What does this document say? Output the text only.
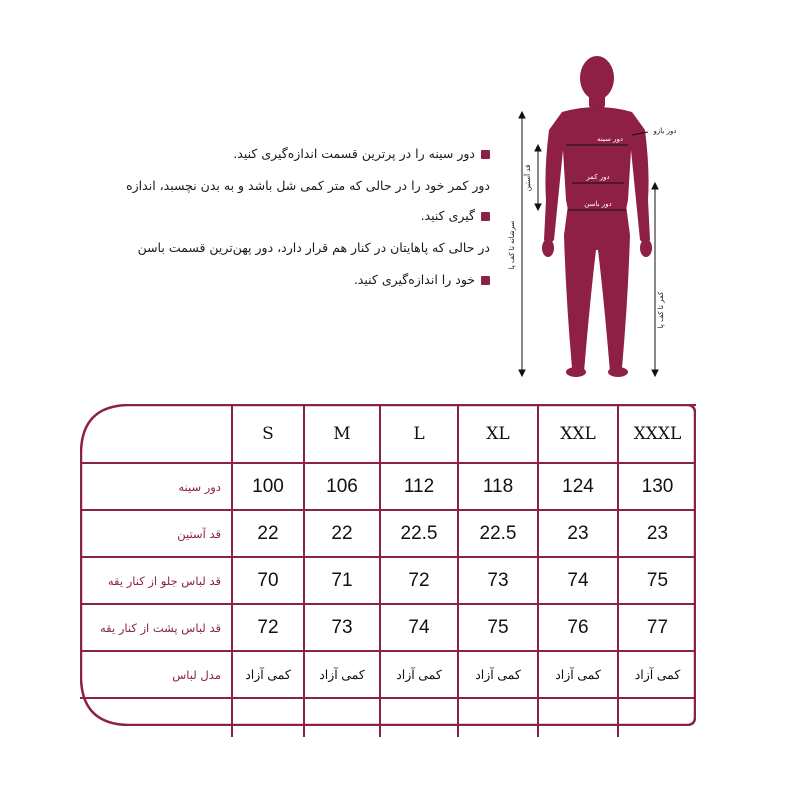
دور سینه را در پرترین قسمت اندازه‌گیری کنید.
دور کمر خود را در حالی که متر کمی شل باشد و به بدن نچسبد، اندازه
گیری کنید.
در حالی که پاهایتان در کنار هم قرار دارد، دور پهن‌ترین قسمت باسن
خود را اندازه‌گیری کنید.
دور سینه
دور کمر
دور باسن
دور بازو
سرشانه تا کف پا
قد آستین
کمر تا کف پا
	S	M	L	XL	XXL	XXXL
دور سینه	100	106	112	118	124	130
قد آستین	22	22	22.5	22.5	23	23
قد لباس جلو از کنار یقه	70	71	72	73	74	75
قد لباس پشت از کنار یقه	72	73	74	75	76	77
مدل لباس	کمی آزاد	کمی آزاد	کمی آزاد	کمی آزاد	کمی آزاد	کمی آزاد
